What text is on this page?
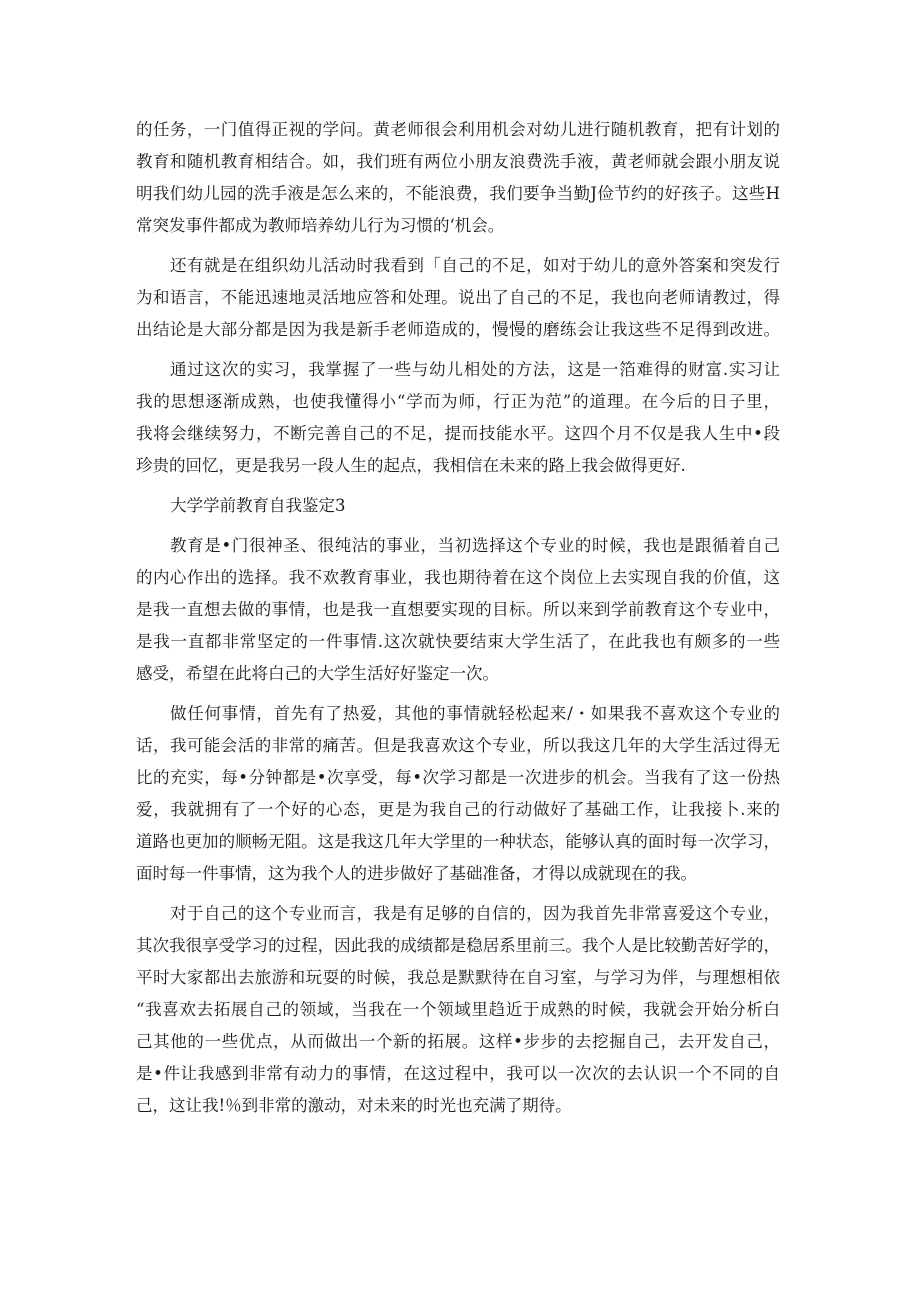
的任务，一门值得正视的学问。黄老师很会利用机会对幼儿进行随机教育，把有计划的
教育和随机教育相结合。如，我们班有两位小朋友浪费洗手液，黄老师就会跟小朋友说
明我们幼儿园的洗手液是怎么来的，不能浪费，我们要争当勤J俭节约的好孩子。这些H
常突发事件都成为教师培养幼儿行为习惯的‘机会。
还有就是在组织幼儿活动时我看到「自己的不足，如对于幼儿的意外答案和突发行
为和语言，不能迅速地灵活地应答和处理。说出了自己的不足，我也向老师请教过，得
出结论是大部分都是因为我是新手老师造成的，慢慢的磨练会让我这些不足得到改进。
通过这次的实习，我掌握了一些与幼儿相处的方法，这是一箔难得的财富.实习让
我的思想逐渐成熟，也使我懂得小“学而为师，行正为范”的道理。在今后的日子里，
我将会继续努力，不断完善自己的不足，提而技能水平。这四个月不仅是我人生中•段
珍贵的回忆，更是我另一段人生的起点，我相信在未来的路上我会做得更好.
大学学前教育自我鉴定3
教育是•门很神圣、很纯沽的事业，当初选择这个专业的时候，我也是跟循着自己
的内心作出的选择。我不欢教育事业，我也期待着在这个岗位上去实现自我的价值，这
是我一直想去做的事情，也是我一直想要实现的目标。所以来到学前教育这个专业中，
是我一直都非常坚定的一件事情.这次就快要结束大学生活了，在此我也有颇多的一些
感受，希望在此将白己的大学生活好好鉴定一次。
做任何事情，首先有了热爱，其他的事情就轻松起来/・如果我不喜欢这个专业的
话，我可能会活的非常的痛苦。但是我喜欢这个专业，所以我这几年的大学生活过得无
比的充实，每•分钟都是•次享受，每•次学习都是一次进步的机会。当我有了这一份热
爱，我就拥有了一个好的心态，更是为我自己的行动做好了基础工作，让我接卜.来的
道路也更加的顺畅无阻。这是我这几年大学里的一种状态，能够认真的面时每一次学习，
面时每一件事情，这为我个人的进步做好了基础准备，才得以成就现在的我。
对于自己的这个专业而言，我是有足够的自信的，因为我首先非常喜爱这个专业，
其次我很享受学习的过程，因此我的成绩都是稳居系里前三。我个人是比较勤苦好学的，
平时大家都出去旅游和玩耍的时候，我总是默默待在自习室，与学习为伴，与理想相依
“我喜欢去拓展自己的领域，当我在一个领域里趋近于成熟的时候，我就会开始分析白
己其他的一些优点，从而做出一个新的拓展。这样•步步的去挖掘自己，去开发自己，
是•件让我感到非常有动力的事情，在这过程中，我可以一次次的去认识一个不同的自
己，这让我!％到非常的激动，对未来的时光也充满了期待。
